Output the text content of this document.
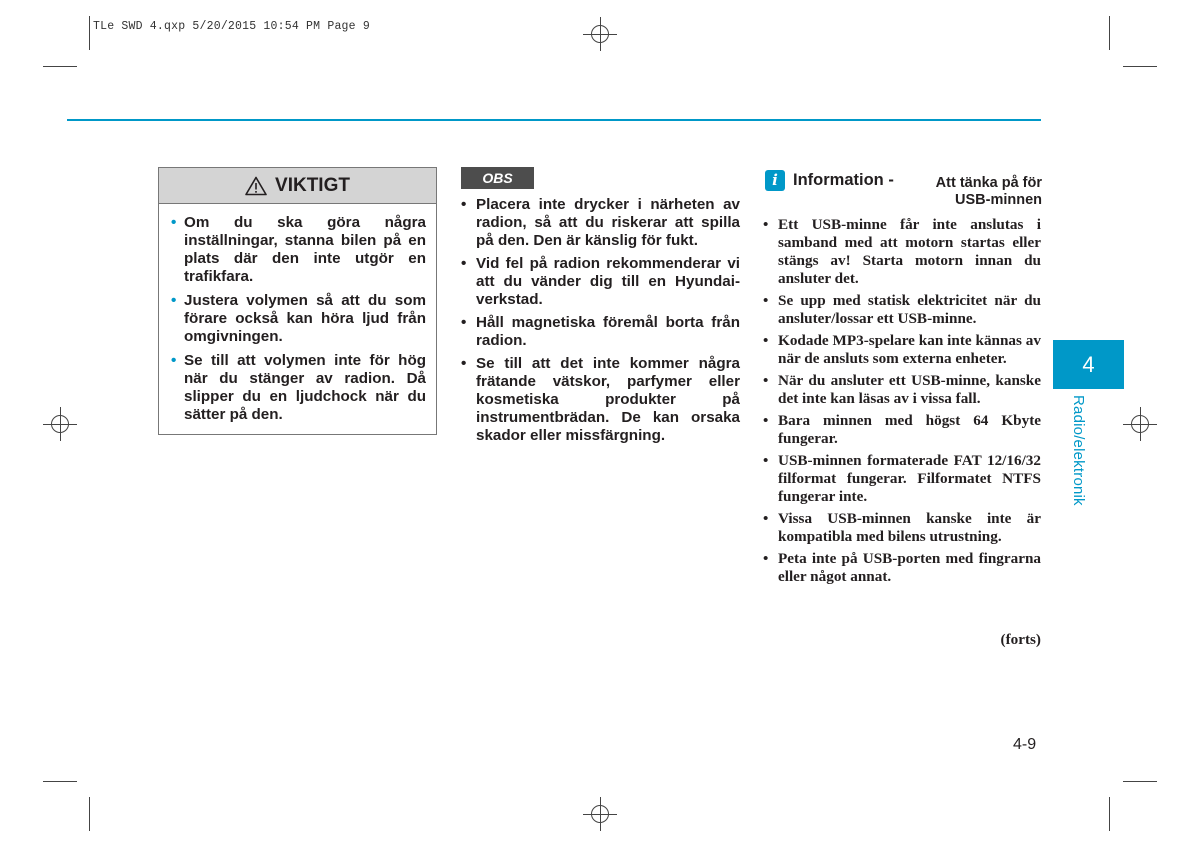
TLe SWD 4.qxp 5/20/2015 10:54 PM Page 9
VIKTIGT
• Om du ska göra några inställningar, stanna bilen på en plats där den inte utgör en trafikfara.
• Justera volymen så att du som förare också kan höra ljud från omgivningen.
• Se till att volymen inte för hög när du stänger av radion. Då slipper du en ljudchock när du sätter på den.
OBS
• Placera inte drycker i närheten av radion, så att du riskerar att spilla på den. Den är känslig för fukt.
• Vid fel på radion rekommenderar vi att du vänder dig till en Hyundai-verkstad.
• Håll magnetiska föremål borta från radion.
• Se till att det inte kommer några frätande vätskor, parfymer eller kosmetiska produkter på instrumentbrädan. De kan orsaka skador eller missfärgning.
i Information -	Att tänka på för USB-minnen
• Ett USB-minne får inte anslutas i samband med att motorn startas eller stängs av! Starta motorn innan du ansluter det.
• Se upp med statisk elektricitet när du ansluter/lossar ett USB-minne.
• Kodade MP3-spelare kan inte kännas av när de ansluts som externa enheter.
• När du ansluter ett USB-minne, kanske det inte kan läsas av i vissa fall.
• Bara minnen med högst 64 Kbyte fungerar.
• USB-minnen formaterade FAT 12/16/32 filformat fungerar. Filformatet NTFS fungerar inte.
• Vissa USB-minnen kanske inte är kompatibla med bilens utrustning.
• Peta inte på USB-porten med fingrarna eller något annat.
(forts)
4
Radio/elektronik
4-9
